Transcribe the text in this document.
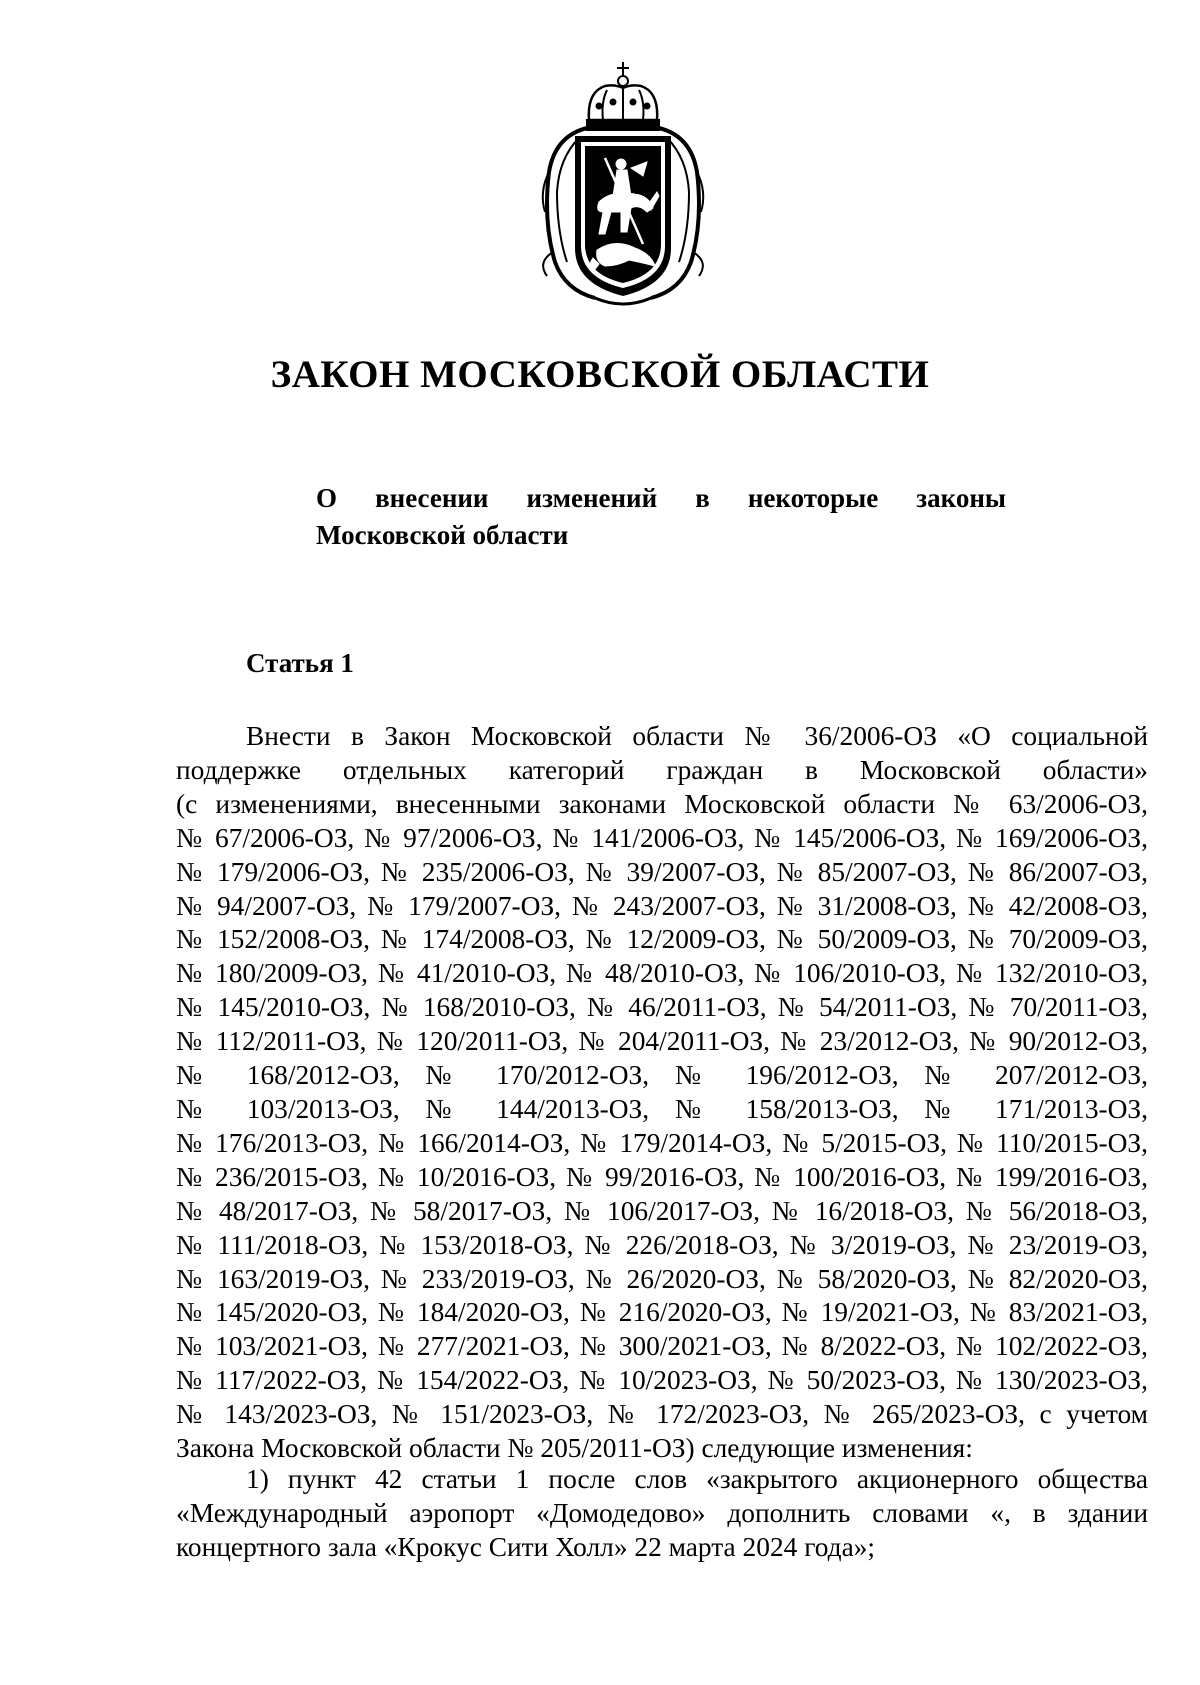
ЗАКОН МОСКОВСКОЙ ОБЛАСТИ
О внесении изменений в некоторые законы
Московской области
Статья 1
Внести в Закон Московской области № 36/2006-ОЗ «О социальной
поддержке отдельных категорий граждан в Московской области»
(с изменениями, внесенными законами Московской области № 63/2006-ОЗ,
№ 67/2006-ОЗ, № 97/2006-ОЗ, № 141/2006-ОЗ, № 145/2006-ОЗ, № 169/2006-ОЗ,
№ 179/2006-ОЗ, № 235/2006-ОЗ, № 39/2007-ОЗ, № 85/2007-ОЗ, № 86/2007-ОЗ,
№ 94/2007-ОЗ, № 179/2007-ОЗ, № 243/2007-ОЗ, № 31/2008-ОЗ, № 42/2008-ОЗ,
№ 152/2008-ОЗ, № 174/2008-ОЗ, № 12/2009-ОЗ, № 50/2009-ОЗ, № 70/2009-ОЗ,
№ 180/2009-ОЗ, № 41/2010-ОЗ, № 48/2010-ОЗ, № 106/2010-ОЗ, № 132/2010-ОЗ,
№ 145/2010-ОЗ, № 168/2010-ОЗ, № 46/2011-ОЗ, № 54/2011-ОЗ, № 70/2011-ОЗ,
№ 112/2011-ОЗ, № 120/2011-ОЗ, № 204/2011-ОЗ, № 23/2012-ОЗ, № 90/2012-ОЗ,
№ 168/2012-ОЗ, № 170/2012-ОЗ, № 196/2012-ОЗ, № 207/2012-ОЗ,
№ 103/2013-ОЗ, № 144/2013-ОЗ, № 158/2013-ОЗ, № 171/2013-ОЗ,
№ 176/2013-ОЗ, № 166/2014-ОЗ, № 179/2014-ОЗ, № 5/2015-ОЗ, № 110/2015-ОЗ,
№ 236/2015-ОЗ, № 10/2016-ОЗ, № 99/2016-ОЗ, № 100/2016-ОЗ, № 199/2016-ОЗ,
№ 48/2017-ОЗ, № 58/2017-ОЗ, № 106/2017-ОЗ, № 16/2018-ОЗ, № 56/2018-ОЗ,
№ 111/2018-ОЗ, № 153/2018-ОЗ, № 226/2018-ОЗ, № 3/2019-ОЗ, № 23/2019-ОЗ,
№ 163/2019-ОЗ, № 233/2019-ОЗ, № 26/2020-ОЗ, № 58/2020-ОЗ, № 82/2020-ОЗ,
№ 145/2020-ОЗ, № 184/2020-ОЗ, № 216/2020-ОЗ, № 19/2021-ОЗ, № 83/2021-ОЗ,
№ 103/2021-ОЗ, № 277/2021-ОЗ, № 300/2021-ОЗ, № 8/2022-ОЗ, № 102/2022-ОЗ,
№ 117/2022-ОЗ, № 154/2022-ОЗ, № 10/2023-ОЗ, № 50/2023-ОЗ, № 130/2023-ОЗ,
№ 143/2023-ОЗ, № 151/2023-ОЗ, № 172/2023-ОЗ, № 265/2023-ОЗ, с учетом
Закона Московской области № 205/2011-ОЗ) следующие изменения:
1) пункт 42 статьи 1 после слов «закрытого акционерного общества
«Международный аэропорт «Домодедово» дополнить словами «, в здании
концертного зала «Крокус Сити Холл» 22 марта 2024 года»;
